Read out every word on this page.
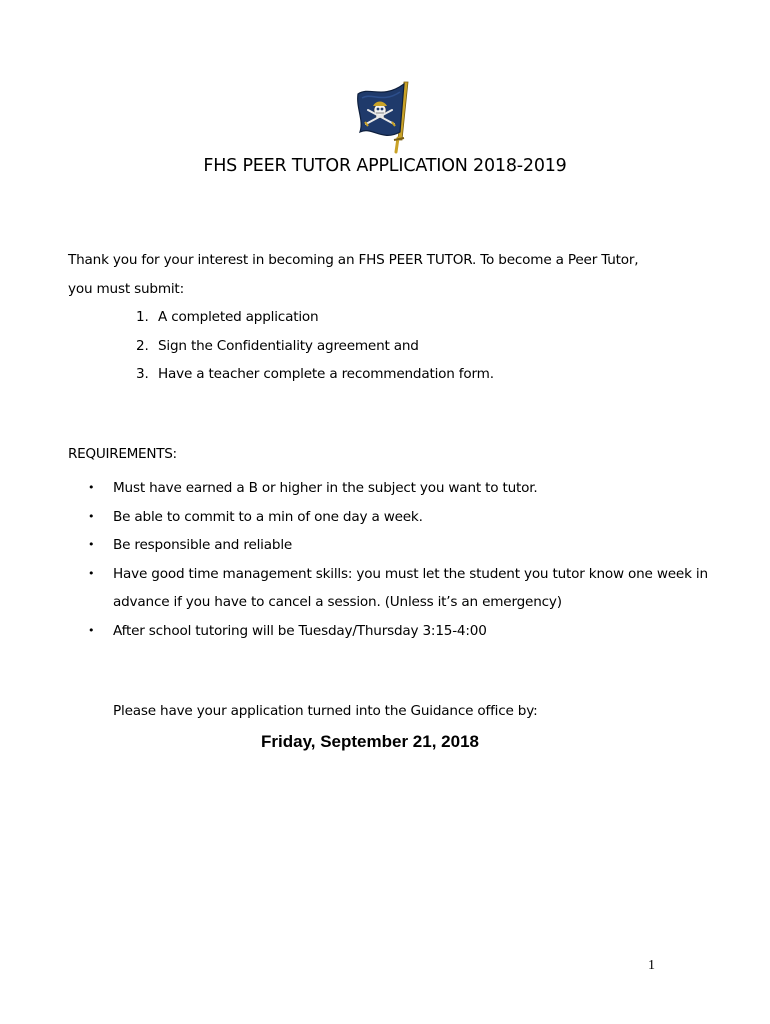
FHS PEER TUTOR APPLICATION 2018-2019

Thank you for your interest in becoming an FHS PEER TUTOR. To become a Peer Tutor,

you must submit:

1. A completed application
2. Sign the Confidentiality agreement and
3. Have a teacher complete a recommendation form.
REQUIREMENTS:
•	Must have earned a B or higher in the subject you want to tutor.
•	Be able to commit to a min of one day a week.
•	Be responsible and reliable
•	Have good time management skills: you must let the student you tutor know one week in advance if you have to cancel a session. (Unless it’s an emergency)
•	After school tutoring will be Tuesday/Thursday 3:15-4:00
Please have your application turned into the Guidance office by:
Friday, September 21, 2018
1
